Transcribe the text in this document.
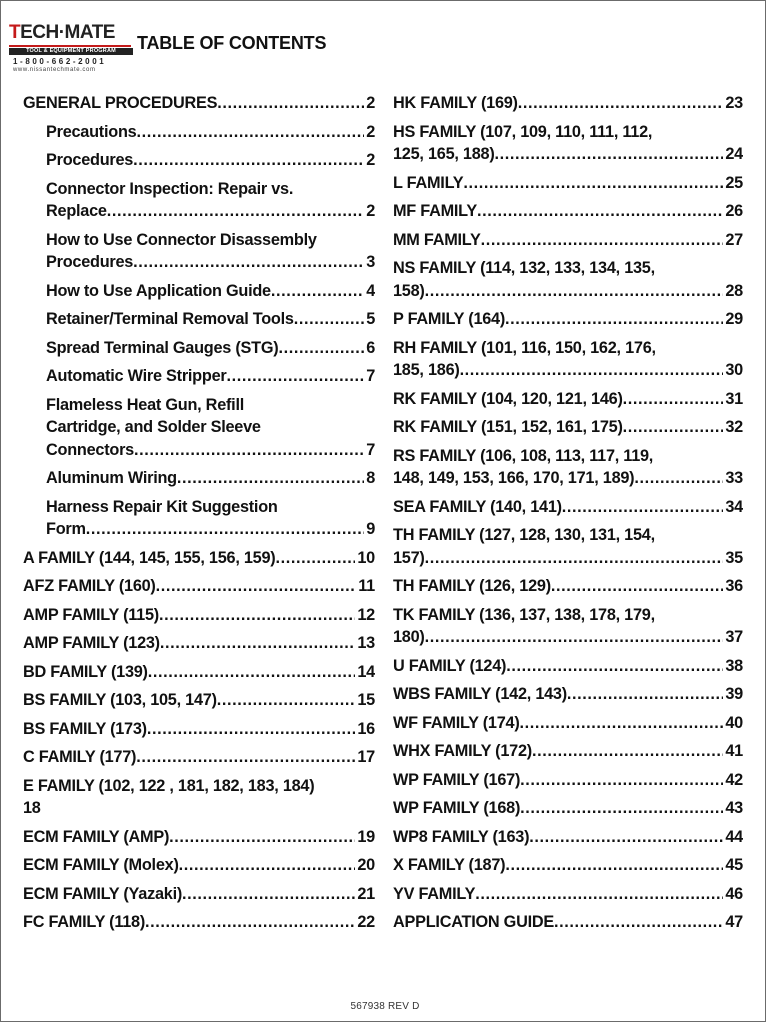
TECH·MATE
TOOL & EQUIPMENT PROGRAM
1-800-662-2001
www.nissantechmate.com
TABLE OF CONTENTS
GENERAL PROCEDURES .....	2
Precautions .....	2
Procedures .....	2
Connector Inspection: Repair vs.
Replace .....	2
How to Use Connector Disassembly
Procedures .....	3
How to Use Application Guide .....	4
Retainer/Terminal Removal Tools .....	5
Spread Terminal Gauges (STG) .....	6
Automatic Wire Stripper .....	7
Flameless Heat Gun, Refill
Cartridge, and Solder Sleeve
Connectors .....	7
Aluminum Wiring .....	8
Harness Repair Kit Suggestion
Form .....	9
A FAMILY (144, 145, 155, 156, 159) .....	10
AFZ FAMILY (160) .....	11
AMP FAMILY (115) .....	12
AMP FAMILY (123) .....	13
BD FAMILY (139) .....	14
BS FAMILY (103, 105, 147) .....	15
BS FAMILY (173) .....	16
C FAMILY (177) .....	17
E FAMILY (102, 122 , 181, 182, 183, 184)
18
ECM FAMILY (AMP) .....	19
ECM FAMILY (Molex) .....	20
ECM FAMILY (Yazaki) .....	21
FC FAMILY (118) .....	22
HK FAMILY (169) .....	23
HS FAMILY (107, 109, 110, 111, 112,
125, 165, 188) .....	24
L FAMILY .....	25
MF FAMILY .....	26
MM FAMILY .....	27
NS FAMILY (114, 132, 133, 134, 135,
158) .....	28
P FAMILY (164) .....	29
RH FAMILY (101, 116, 150, 162, 176,
185, 186) .....	30
RK FAMILY (104, 120, 121, 146) .....	31
RK FAMILY (151, 152, 161, 175) .....	32
RS FAMILY (106, 108, 113, 117, 119,
148, 149, 153, 166, 170, 171, 189) .....	33
SEA FAMILY (140, 141) .....	34
TH FAMILY (127, 128, 130, 131, 154,
157) .....	35
TH FAMILY (126, 129) .....	36
TK FAMILY (136, 137, 138, 178, 179,
180) .....	37
U FAMILY (124) .....	38
WBS FAMILY (142, 143) .....	39
WF FAMILY (174) .....	40
WHX FAMILY (172) .....	41
WP FAMILY (167) .....	42
WP FAMILY (168) .....	43
WP8 FAMILY (163) .....	44
X FAMILY (187) .....	45
YV FAMILY .....	46
APPLICATION GUIDE .....	47
567938 REV D
